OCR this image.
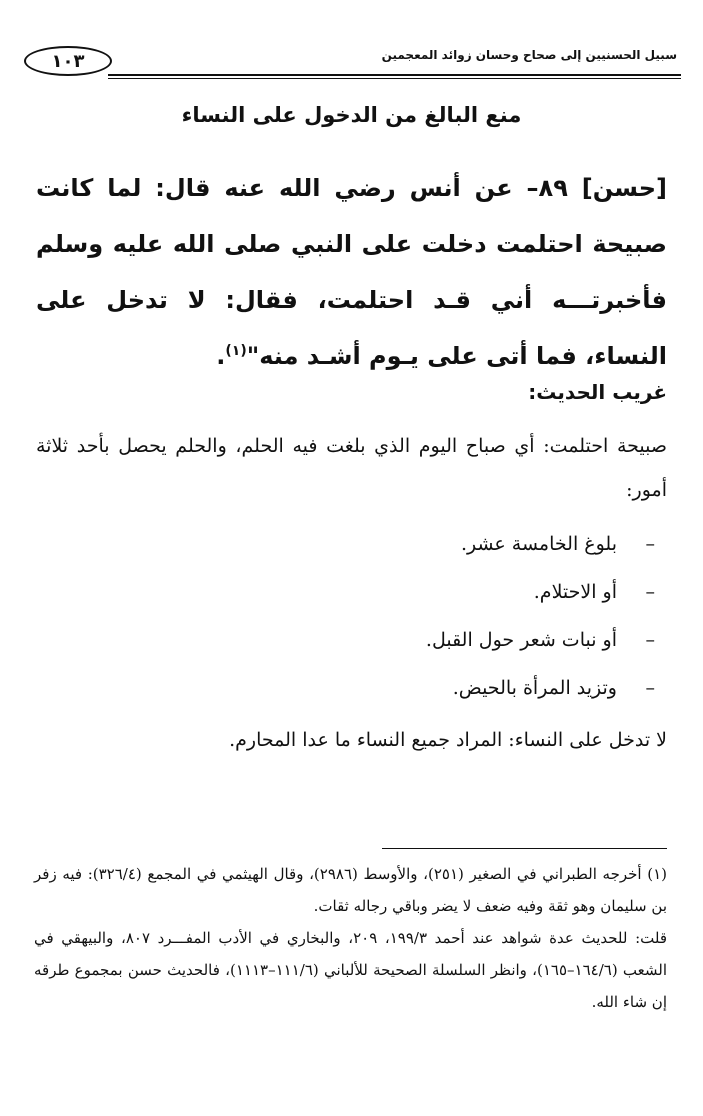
سبيل الحسنيين إلى صحاح وحسان زوائد المعجمين
١٠٣
منع البالغ من الدخول على النساء
[حسن] ٨٩– عن أنس رضي الله عنه قال: لما كانت صبيحة احتلمت دخلت على النبي صلى الله عليه وسلم فأخبرتـــه أني قـد احتلمت، فقال: لا تدخل على النساء، فما أتى على يـوم أشـد منه"$^{(١)}$.
غريب الحديث:
صبيحة احتلمت: أي صباح اليوم الذي بلغت فيه الحلم، والحلم يحصل بأحد ثلاثة أمور:
–بلوغ الخامسة عشر.
–أو الاحتلام.
–أو نبات شعر حول القبل.
–وتزيد المرأة بالحيض.
لا تدخل على النساء: المراد جميع النساء ما عدا المحارم.

(١) أخرجه الطبراني في الصغير (٢٥١)، والأوسط (٢٩٨٦)، وقال الهيثمي في المجمع (٣٢٦/٤): فيه زفر بن سليمان وهو ثقة وفيه ضعف لا يضر وباقي رجاله ثقات.

قلت: للحديث عدة شواهد عند أحمد ١٩٩/٣، ٢٠٩، والبخاري في الأدب المفـــرد ٨٠٧، والبيهقي في الشعب (١٦٤/٦–١٦٥)، وانظر السلسلة الصحيحة للألباني (١١١/٦–١١١٣)، فالحديث حسن بمجموع طرقه إن شاء الله.
